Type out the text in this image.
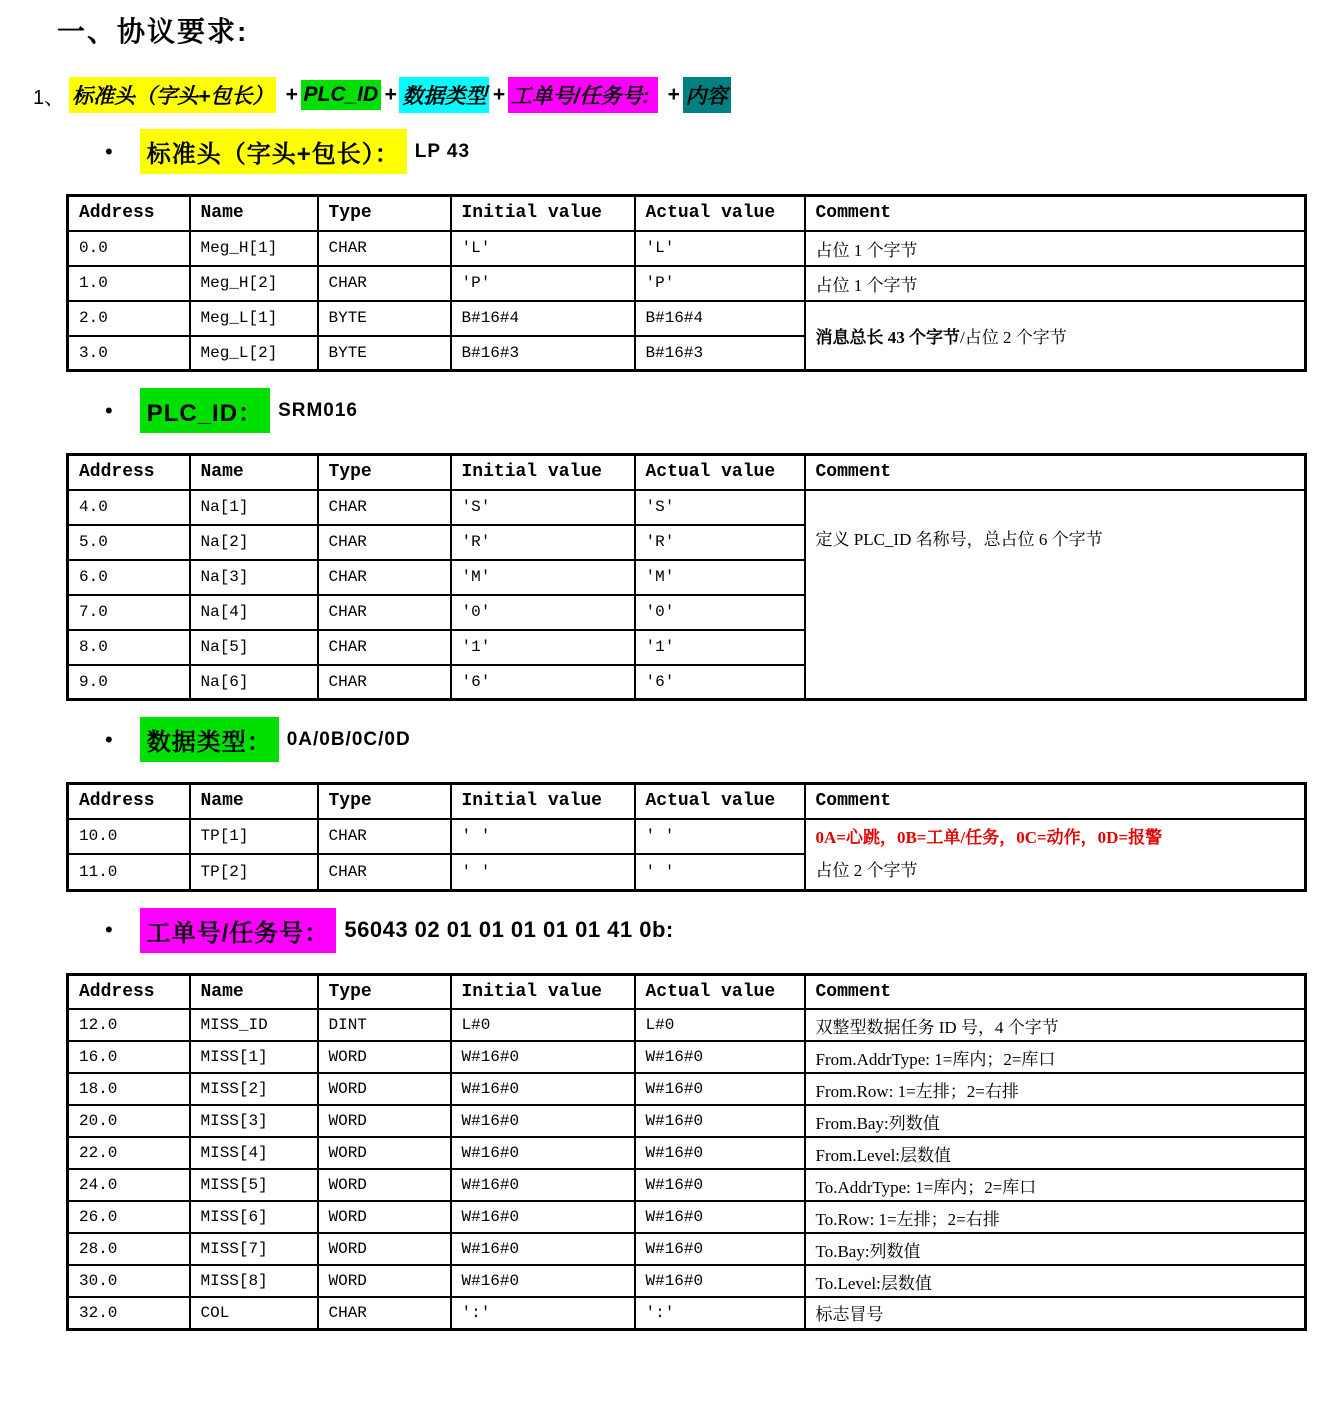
一、协议要求:
1、 标准头（字头+包长） + PLC_ID + 数据类型 + 工单号/任务号: + 内容
• 标准头（字头+包长）： LP 43
Address	Name	Type	Initial value	Actual value	Comment
0.0	Meg_H[1]	CHAR	'L'	'L'	占位 1 个字节
1.0	Meg_H[2]	CHAR	'P'	'P'	占位 1 个字节
2.0	Meg_L[1]	BYTE	B#16#4	B#16#4	消息总长 43 个字节/占位 2 个字节
3.0	Meg_L[2]	BYTE	B#16#3	B#16#3	
• PLC_ID： SRM016
Address	Name	Type	Initial value	Actual value	Comment
4.0	Na[1]	CHAR	'S'	'S'	定义 PLC_ID 名称号，总占位 6 个字节
5.0	Na[2]	CHAR	'R'	'R'	
6.0	Na[3]	CHAR	'M'	'M'	
7.0	Na[4]	CHAR	'0'	'0'	
8.0	Na[5]	CHAR	'1'	'1'	
9.0	Na[6]	CHAR	'6'	'6'	
• 数据类型： 0A/0B/0C/0D
Address	Name	Type	Initial value	Actual value	Comment
10.0	TP[1]	CHAR	' '	' '	0A=心跳，0B=工单/任务，0C=动作，0D=报警
占位 2 个字节

11.0	TP[2]	CHAR	' '	' '	
• 工单号/任务号： 56043 02 01 01 01 01 01 41 0b:
Address	Name	Type	Initial value	Actual value	Comment
12.0	MISS_ID	DINT	L#0	L#0	双整型数据任务 ID 号，4 个字节
16.0	MISS[1]	WORD	W#16#0	W#16#0	From.AddrType: 1=库内；2=库口
18.0	MISS[2]	WORD	W#16#0	W#16#0	From.Row: 1=左排；2=右排
20.0	MISS[3]	WORD	W#16#0	W#16#0	From.Bay:列数值
22.0	MISS[4]	WORD	W#16#0	W#16#0	From.Level:层数值
24.0	MISS[5]	WORD	W#16#0	W#16#0	To.AddrType: 1=库内；2=库口
26.0	MISS[6]	WORD	W#16#0	W#16#0	To.Row: 1=左排；2=右排
28.0	MISS[7]	WORD	W#16#0	W#16#0	To.Bay:列数值
30.0	MISS[8]	WORD	W#16#0	W#16#0	To.Level:层数值
32.0	COL	CHAR	':'	':'	标志冒号
